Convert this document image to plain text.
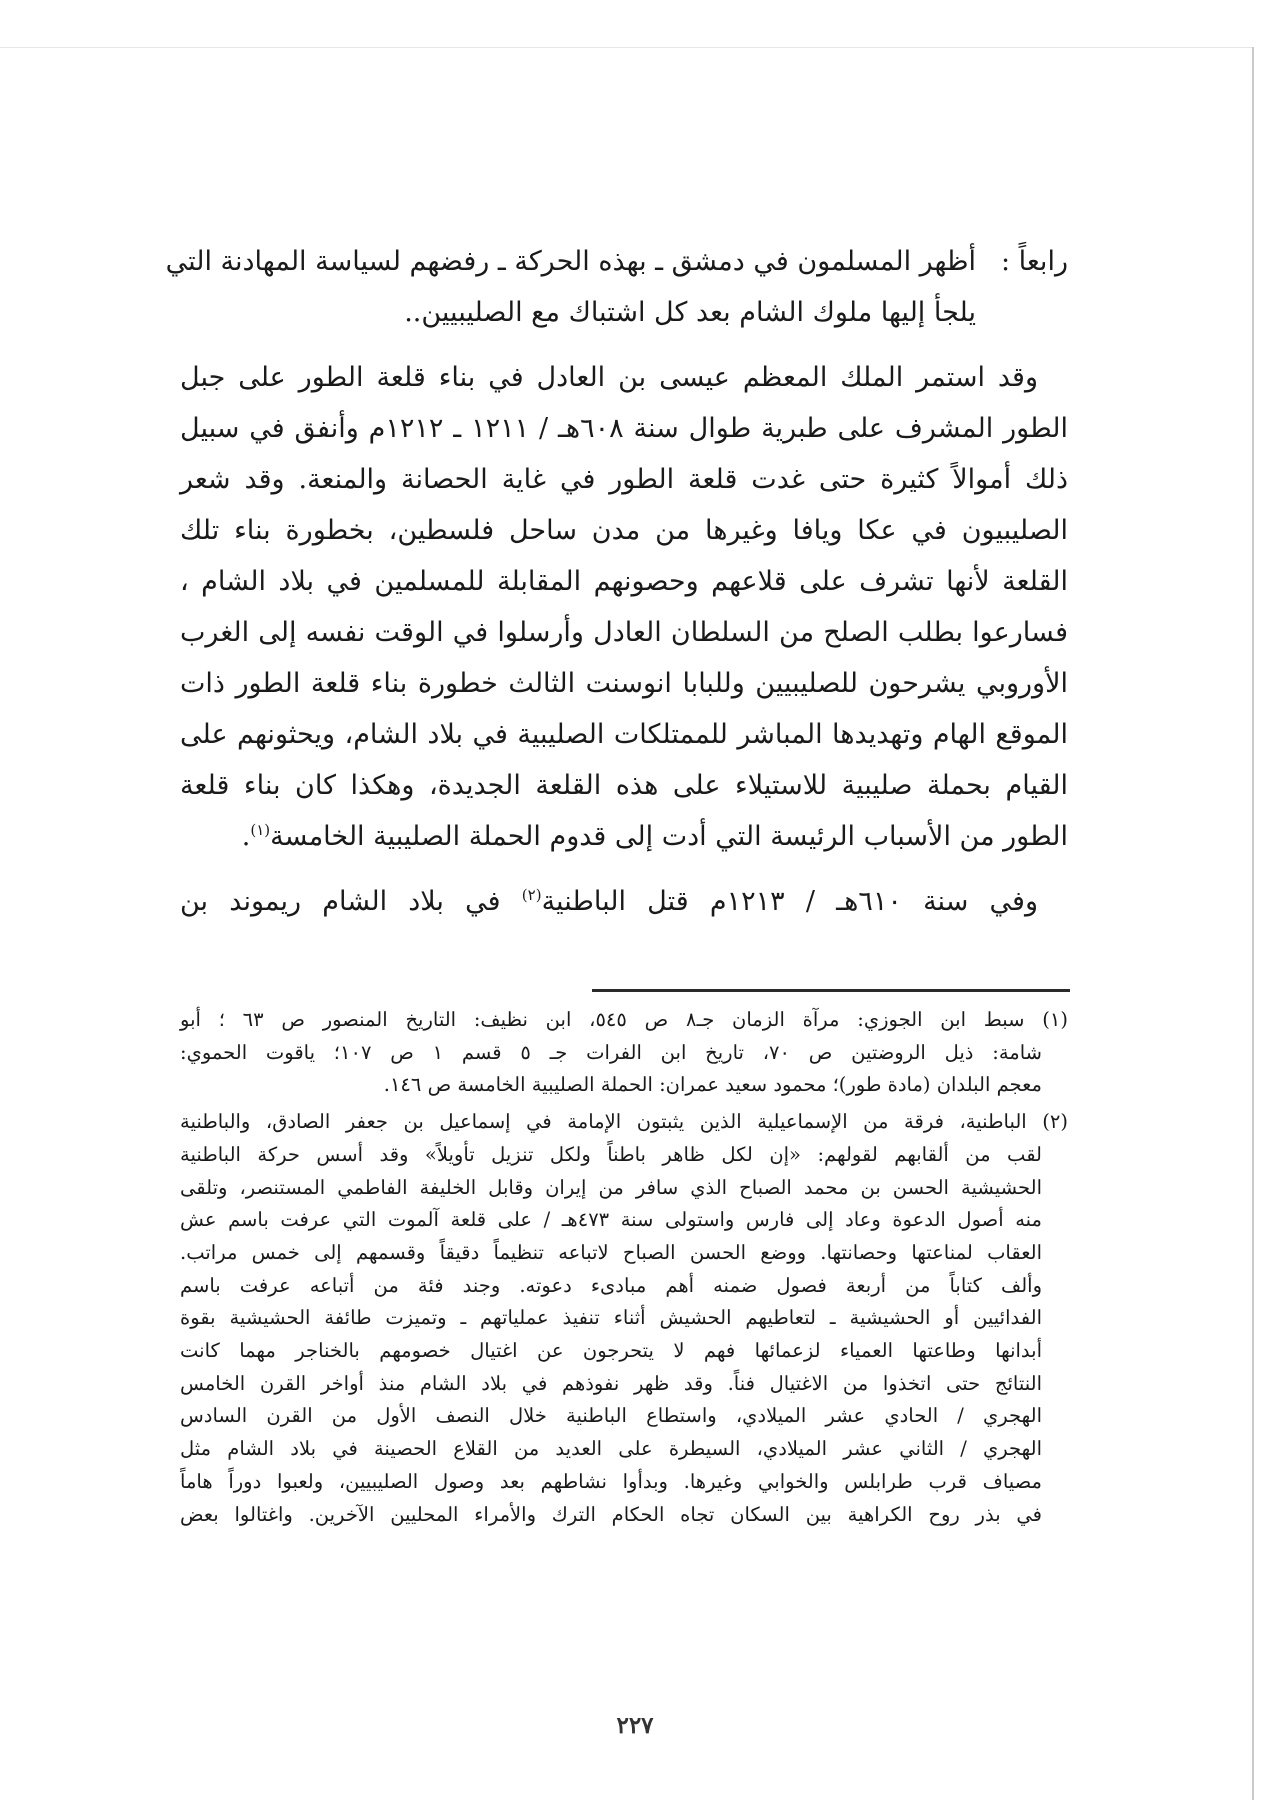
رابعاً :
أظهر المسلمون في دمشق ـ بهذه الحركة ـ رفضهم لسياسة المهادنة التي
يلجأ إليها ملوك الشام بعد كل اشتباك مع الصليبيين..
وقد استمر الملك المعظم عيسى بن العادل في بناء قلعة الطور على جبل
الطور المشرف على طبرية طوال سنة ٦٠٨هـ / ١٢١١ ـ ١٢١٢م وأنفق في سبيل
ذلك أموالاً كثيرة حتى غدت قلعة الطور في غاية الحصانة والمنعة. وقد شعر
الصليبيون في عكا ويافا وغيرها من مدن ساحل فلسطين، بخطورة بناء تلك
القلعة لأنها تشرف على قلاعهم وحصونهم المقابلة للمسلمين في بلاد الشام ،
فسارعوا بطلب الصلح من السلطان العادل وأرسلوا في الوقت نفسه إلى الغرب
الأوروبي يشرحون للصليبيين وللبابا انوسنت الثالث خطورة بناء قلعة الطور ذات
الموقع الهام وتهديدها المباشر للممتلكات الصليبية في بلاد الشام، ويحثونهم على
القيام بحملة صليبية للاستيلاء على هذه القلعة الجديدة، وهكذا كان بناء قلعة
الطور من الأسباب الرئيسة التي أدت إلى قدوم الحملة الصليبية الخامسة$^{(١)}$.
وفي سنة ٦١٠هـ / ١٢١٣م قتل الباطنية$^{(٢)}$ في بلاد الشام ريموند بن
(١) سبط ابن الجوزي: مرآة الزمان جـ٨ ص ٥٤٥، ابن نظيف: التاريخ المنصور ص ٦٣ ؛ أبو
شامة: ذيل الروضتين ص ٧٠، تاريخ ابن الفرات جـ ٥ قسم ١ ص ١٠٧؛ ياقوت الحموي:
معجم البلدان (مادة طور)؛ محمود سعيد عمران: الحملة الصليبية الخامسة ص ١٤٦.
(٢) الباطنية، فرقة من الإسماعيلية الذين يثبتون الإمامة في إسماعيل بن جعفر الصادق، والباطنية
لقب من ألقابهم لقولهم: «إن لكل ظاهر باطناً ولكل تنزيل تأويلاً» وقد أسس حركة الباطنية
الحشيشية الحسن بن محمد الصباح الذي سافر من إيران وقابل الخليفة الفاطمي المستنصر، وتلقى
منه أصول الدعوة وعاد إلى فارس واستولى سنة ٤٧٣هـ / على قلعة آلموت التي عرفت باسم عش
العقاب لمناعتها وحصانتها. ووضع الحسن الصباح لاتباعه تنظيماً دقيقاً وقسمهم إلى خمس مراتب.
وألف كتاباً من أربعة فصول ضمنه أهم مبادىء دعوته. وجند فئة من أتباعه عرفت باسم
الفدائيين أو الحشيشية ـ لتعاطيهم الحشيش أثناء تنفيذ عملياتهم ـ وتميزت طائفة الحشيشية بقوة
أبدانها وطاعتها العمياء لزعمائها فهم لا يتحرجون عن اغتيال خصومهم بالخناجر مهما كانت
النتائج حتى اتخذوا من الاغتيال فناً. وقد ظهر نفوذهم في بلاد الشام منذ أواخر القرن الخامس
الهجري / الحادي عشر الميلادي، واستطاع الباطنية خلال النصف الأول من القرن السادس
الهجري / الثاني عشر الميلادي، السيطرة على العديد من القلاع الحصينة في بلاد الشام مثل
مصياف قرب طرابلس والخوابي وغيرها. وبدأوا نشاطهم بعد وصول الصليبيين، ولعبوا دوراً هاماً
في بذر روح الكراهية بين السكان تجاه الحكام الترك والأمراء المحليين الآخرين. واغتالوا بعض
٢٢٧
